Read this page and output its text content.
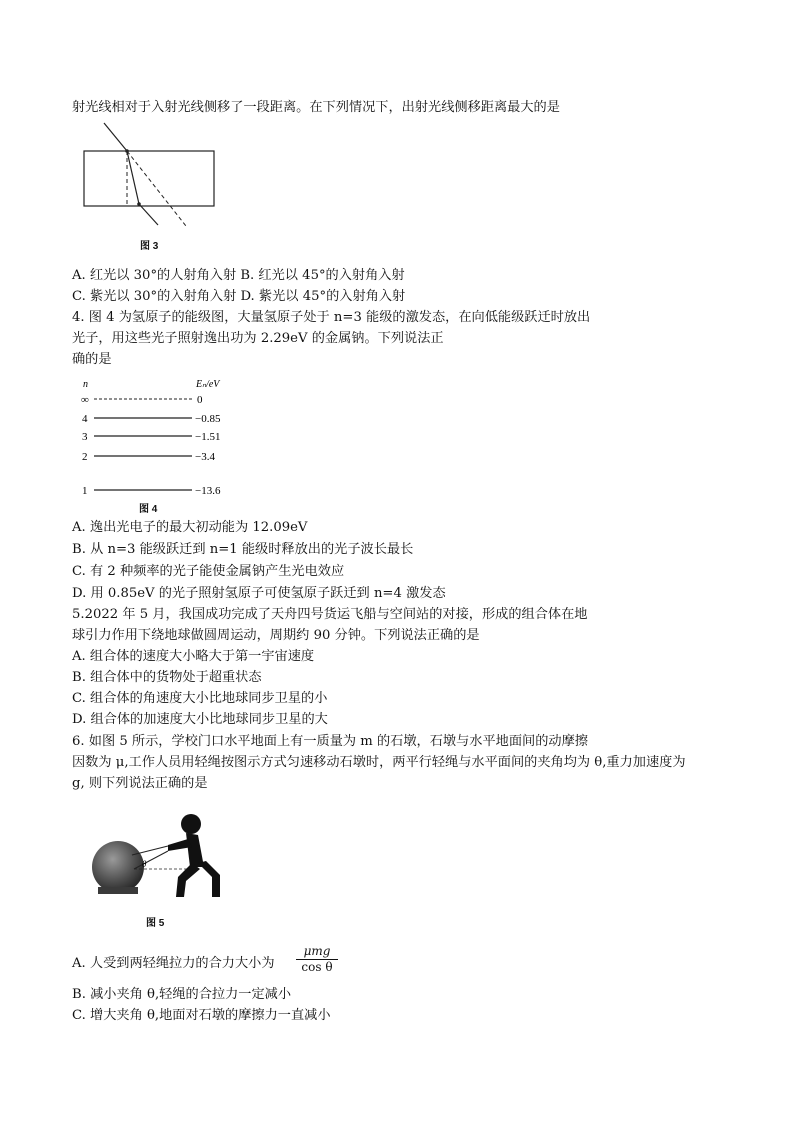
射光线相对于入射光线侧移了一段距离。在下列情况下，出射光线侧移距离最大的是
图 3
A. 红光以 30°的人射角入射 B. 红光以 45°的入射角入射
C. 紫光以 30°的入射角入射 D. 紫光以 45°的入射角入射
4. 图 4 为氢原子的能级图，大量氢原子处于 n=3 能级的激发态，在向低能级跃迁时放出
光子，用这些光子照射逸出功为 2.29eV 的金属钠。下列说法正
确的是
n	Eₙ/eV
∞
4
3
2
1
0
−0.85
−1.51
−3.4
−13.6
图 4
A. 逸出光电子的最大初动能为 12.09eV
B. 从 n=3 能级跃迁到 n=1 能级时释放出的光子波长最长
C. 有 2 种频率的光子能使金属钠产生光电效应
D. 用 0.85eV 的光子照射氢原子可使氢原子跃迁到 n=4 激发态
5.2022 年 5 月，我国成功完成了天舟四号货运飞船与空间站的对接，形成的组合体在地
球引力作用下绕地球做圆周运动，周期约 90 分钟。下列说法正确的是
A. 组合体的速度大小略大于第一宇宙速度
B. 组合体中的货物处于超重状态
C. 组合体的角速度大小比地球同步卫星的小
D. 组合体的加速度大小比地球同步卫星的大
6. 如图 5 所示，学校门口水平地面上有一质量为 m 的石墩，石墩与水平地面间的动摩擦
因数为 μ,工作人员用轻绳按图示方式匀速移动石墩时，两平行轻绳与水平面间的夹角均为 θ,重力加速度为
g, 则下列说法正确的是
θ
图 5
A. 人受到两轻绳拉力的合力大小为
μmg
cos θ
B. 减小夹角 θ,轻绳的合拉力一定减小
C. 增大夹角 θ,地面对石墩的摩擦力一直减小
